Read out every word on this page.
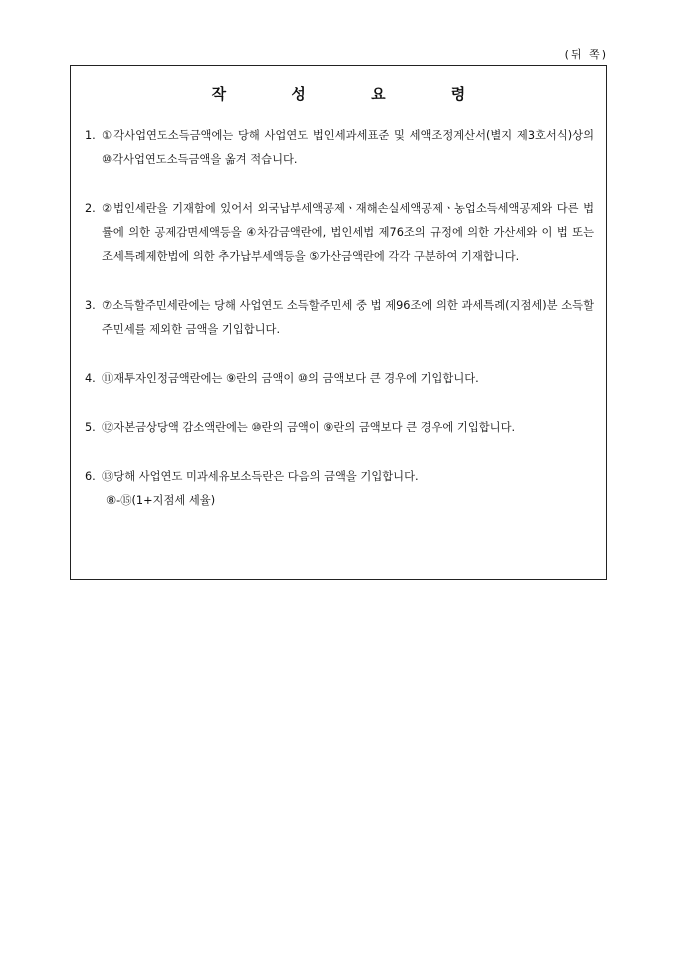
(뒤 쪽)
작 성 요 령
1. ①각사업연도소득금액에는 당해 사업연도 법인세과세표준 및 세액조정계산서(별지 제3호서식)상의 ⑩각사업연도소득금액을 옮겨 적습니다.
2. ②법인세란을 기재함에 있어서 외국납부세액공제ㆍ재해손실세액공제ㆍ농업소득세액공제와 다른 법률에 의한 공제감면세액등을 ④차감금액란에, 법인세법 제76조의 규정에 의한 가산세와 이 법 또는 조세특례제한법에 의한 추가납부세액등을 ⑤가산금액란에 각각 구분하여 기재합니다.
3. ⑦소득할주민세란에는 당해 사업연도 소득할주민세 중 법 제96조에 의한 과세특례(지점세)분 소득할 주민세를 제외한 금액을 기입합니다.
4. ⑪재투자인정금액란에는 ⑨란의 금액이 ⑩의 금액보다 큰 경우에 기입합니다.
5. ⑫자본금상당액 감소액란에는 ⑩란의 금액이 ⑨란의 금액보다 큰 경우에 기입합니다.
6. ⑬당해 사업연도 미과세유보소득란은 다음의 금액을 기입합니다.
⑧-⑮(1+지점세 세율)
